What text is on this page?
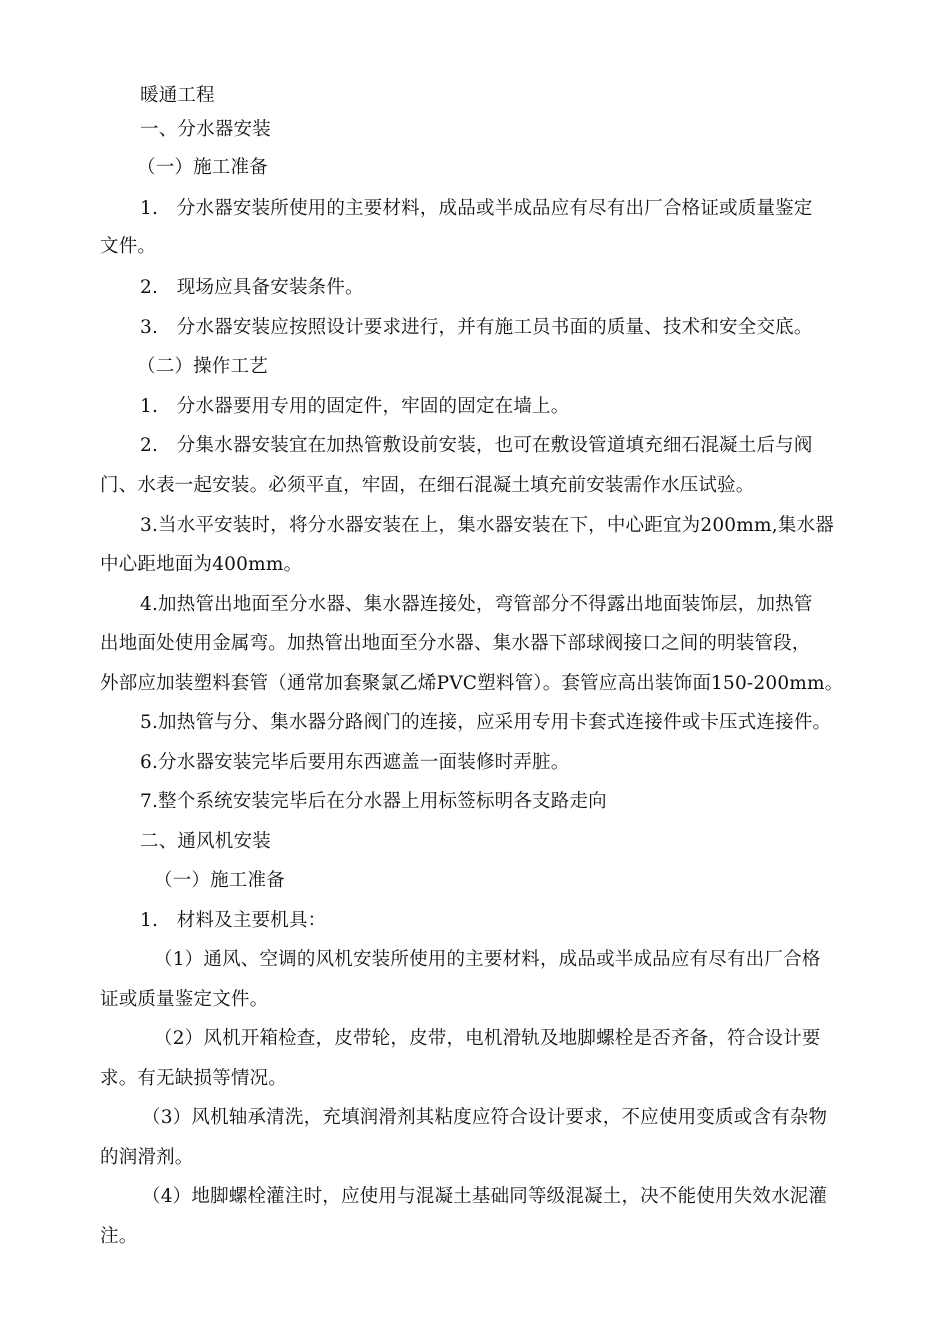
暖通工程
一、分水器安装
（一）施工准备
1.　分水器安装所使用的主要材料，成品或半成品应有尽有出厂合格证或质量鉴定
文件。
2.　现场应具备安装条件。
3.　分水器安装应按照设计要求进行，并有施工员书面的质量、技术和安全交底。
（二）操作工艺
1.　分水器要用专用的固定件，牢固的固定在墙上。
2.　分集水器安装宜在加热管敷设前安装，也可在敷设管道填充细石混凝土后与阀
门、水表一起安装。必须平直，牢固，在细石混凝土填充前安装需作水压试验。
3.当水平安装时，将分水器安装在上，集水器安装在下，中心距宜为200mm,集水器
中心距地面为400mm。
4.加热管出地面至分水器、集水器连接处，弯管部分不得露出地面装饰层，加热管
出地面处使用金属弯。加热管出地面至分水器、集水器下部球阀接口之间的明装管段，
外部应加装塑料套管（通常加套聚氯乙烯PVC塑料管）。套管应高出装饰面150-200mm。
5.加热管与分、集水器分路阀门的连接，应采用专用卡套式连接件或卡压式连接件。
6.分水器安装完毕后要用东西遮盖一面装修时弄脏。
7.整个系统安装完毕后在分水器上用标签标明各支路走向
二、通风机安装
（一）施工准备
1.　材料及主要机具：
（1）通风、空调的风机安装所使用的主要材料，成品或半成品应有尽有出厂合格
证或质量鉴定文件。
（2）风机开箱检查，皮带轮，皮带，电机滑轨及地脚螺栓是否齐备，符合设计要
求。有无缺损等情况。
（3）风机轴承清洗，充填润滑剂其粘度应符合设计要求，不应使用变质或含有杂物
的润滑剂。
（4）地脚螺栓灌注时，应使用与混凝土基础同等级混凝土，决不能使用失效水泥灌
注。
